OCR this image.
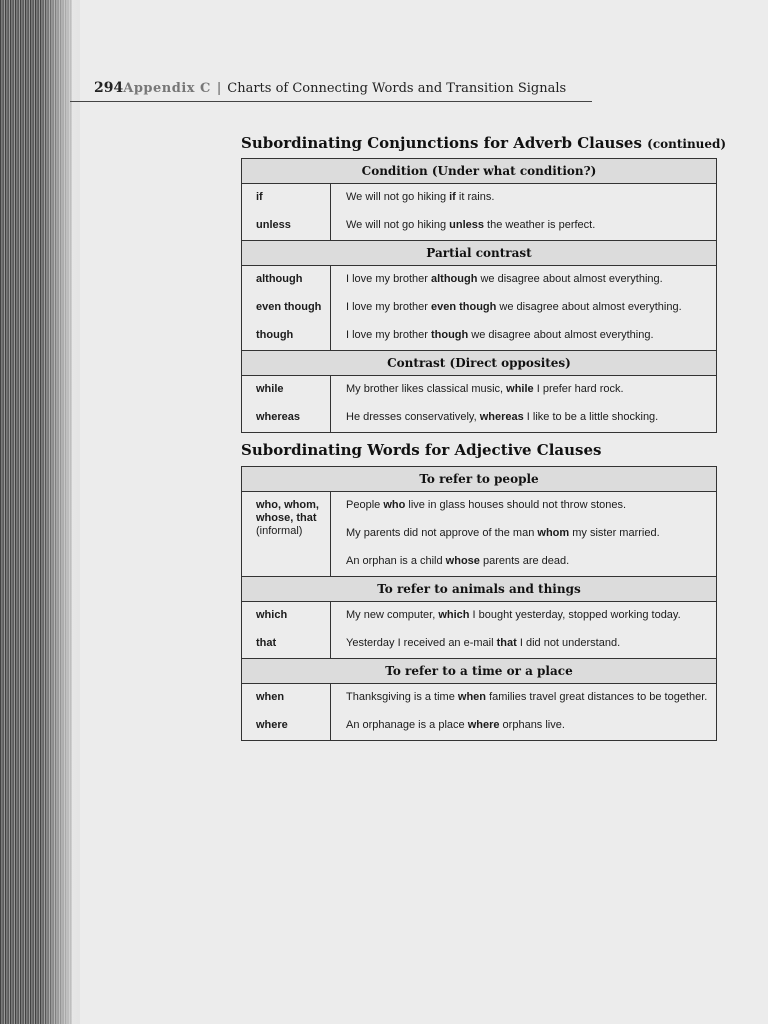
294Appendix C | Charts of Connecting Words and Transition Signals
Subordinating Conjunctions for Adverb Clauses (continued)
Condition (Under what condition?)	

if	We will not go hiking if it rains.

unless	We will not go hiking unless the weather is perfect.

Partial contrast	

although	I love my brother although we disagree about almost everything.

even though	I love my brother even though we disagree about almost everything.

though	I love my brother though we disagree about almost everything.

Contrast (Direct opposites)	

while	My brother likes classical music, while I prefer hard rock.

whereas	He dresses conservatively, whereas I like to be a little shocking.
Subordinating Words for Adjective Clauses
To refer to people	

who, whom, whose, that
(informal)	People who live in glass houses should not throw stones.

	My parents did not approve of the man whom my sister married.

	An orphan is a child whose parents are dead.

To refer to animals and things	

which	My new computer, which I bought yesterday, stopped working today.

that	Yesterday I received an e-mail that I did not understand.

To refer to a time or a place	

when	Thanksgiving is a time when families travel great distances to be together.

where	An orphanage is a place where orphans live.
